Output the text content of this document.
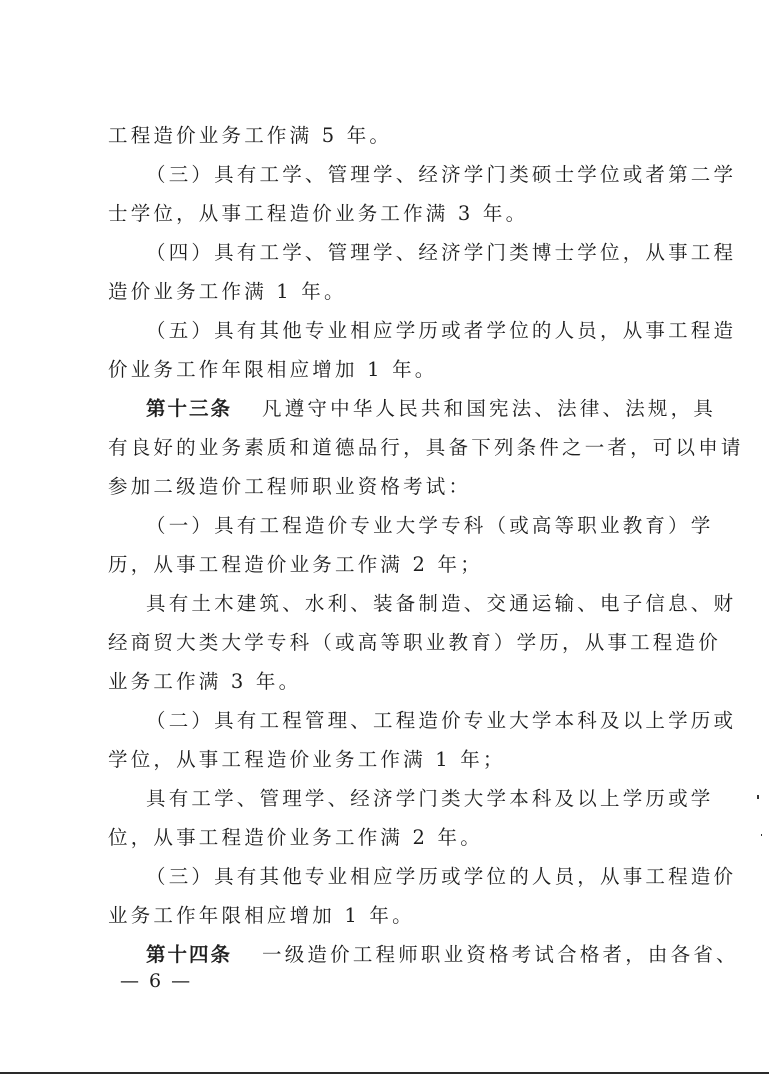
工程造价业务工作满 5 年。
（三）具有工学、管理学、经济学门类硕士学位或者第二学
士学位，从事工程造价业务工作满 3 年。
（四）具有工学、管理学、经济学门类博士学位，从事工程
造价业务工作满 1 年。
（五）具有其他专业相应学历或者学位的人员，从事工程造
价业务工作年限相应增加 1 年。
第十三条 凡遵守中华人民共和国宪法、法律、法规，具
有良好的业务素质和道德品行，具备下列条件之一者，可以申请
参加二级造价工程师职业资格考试：
（一）具有工程造价专业大学专科（或高等职业教育）学
历，从事工程造价业务工作满 2 年；
具有土木建筑、水利、装备制造、交通运输、电子信息、财
经商贸大类大学专科（或高等职业教育）学历，从事工程造价
业务工作满 3 年。
（二）具有工程管理、工程造价专业大学本科及以上学历或
学位，从事工程造价业务工作满 1 年；
具有工学、管理学、经济学门类大学本科及以上学历或学
位，从事工程造价业务工作满 2 年。
（三）具有其他专业相应学历或学位的人员，从事工程造价
业务工作年限相应增加 1 年。
第十四条 一级造价工程师职业资格考试合格者，由各省、
— 6 —
